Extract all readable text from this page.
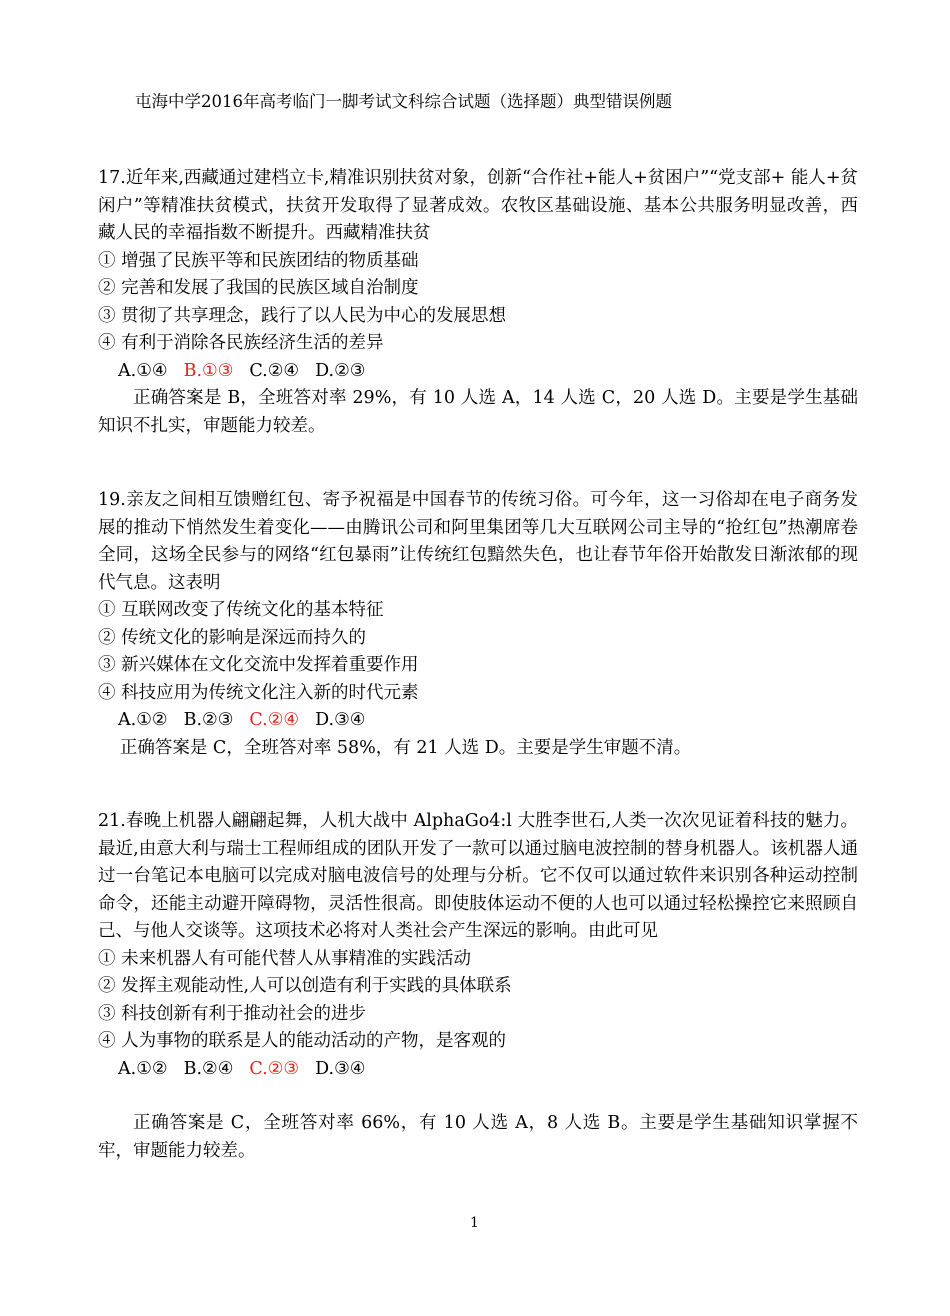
屯海中学2016年高考临门一脚考试文科综合试题（选择题）典型错误例题

17.近年来,西藏通过建档立卡,精准识别扶贫对象，创新“合作社+能人+贫困户”“党支部+ 能人+贫闲户”等精准扶贫模式，扶贫开发取得了显著成效。农牧区基础设施、基本公共服务明显改善，西藏人民的幸福指数不断提升。西藏精准扶贫

① 增强了民族平等和民族团结的物质基础

② 完善和发展了我国的民族区域自治制度

③ 贯彻了共享理念，践行了以人民为中心的发展思想

④ 有利于消除各民族经济生活的差异

A.①④ B.①③ C.②④ D.②③

正确答案是 B，全班答对率 29%，有 10 人选 A，14 人选 C，20 人选 D。主要是学生基础知识不扎实，审题能力较差。

19.亲友之间相互馈赠红包、寄予祝福是中国春节的传统习俗。可今年，这一习俗却在电子商务发展的推动下悄然发生着变化——由腾讯公司和阿里集团等几大互联网公司主导的“抢红包”热潮席卷全同，这场全民参与的网络“红包暴雨”让传统红包黯然失色，也让春节年俗开始散发日渐浓郁的现代气息。这表明

① 互联网改变了传统文化的基本特征

② 传统文化的影响是深远而持久的

③ 新兴媒体在文化交流中发挥着重要作用

④ 科技应用为传统文化注入新的时代元素

A.①② B.②③ C.②④ D.③④

正确答案是 C，全班答对率 58%，有 21 人选 D。主要是学生审题不清。

21.春晚上机器人翩翩起舞，人机大战中 AlphaGo4:l 大胜李世石,人类一次次见证着科技的魅力。最近,由意大利与瑞士工程师组成的团队开发了一款可以通过脑电波控制的替身机器人。该机器人通过一台笔记本电脑可以完成对脑电波信号的处理与分析。它不仅可以通过软件来识别各种运动控制命令，还能主动避开障碍物，灵活性很高。即使肢体运动不便的人也可以通过轻松操控它来照顾自己、与他人交谈等。这项技术必将对人类社会产生深远的影响。由此可见

① 未来机器人有可能代替人从事精准的实践活动

② 发挥主观能动性,人可以创造有利于实践的具体联系

③ 科技创新有利于推动社会的进步

④ 人为事物的联系是人的能动活动的产物，是客观的

A.①② B.②④ C.②③ D.③④

正确答案是 C，全班答对率 66%，有 10 人选 A，8 人选 B。主要是学生基础知识掌握不牢，审题能力较差。

1
